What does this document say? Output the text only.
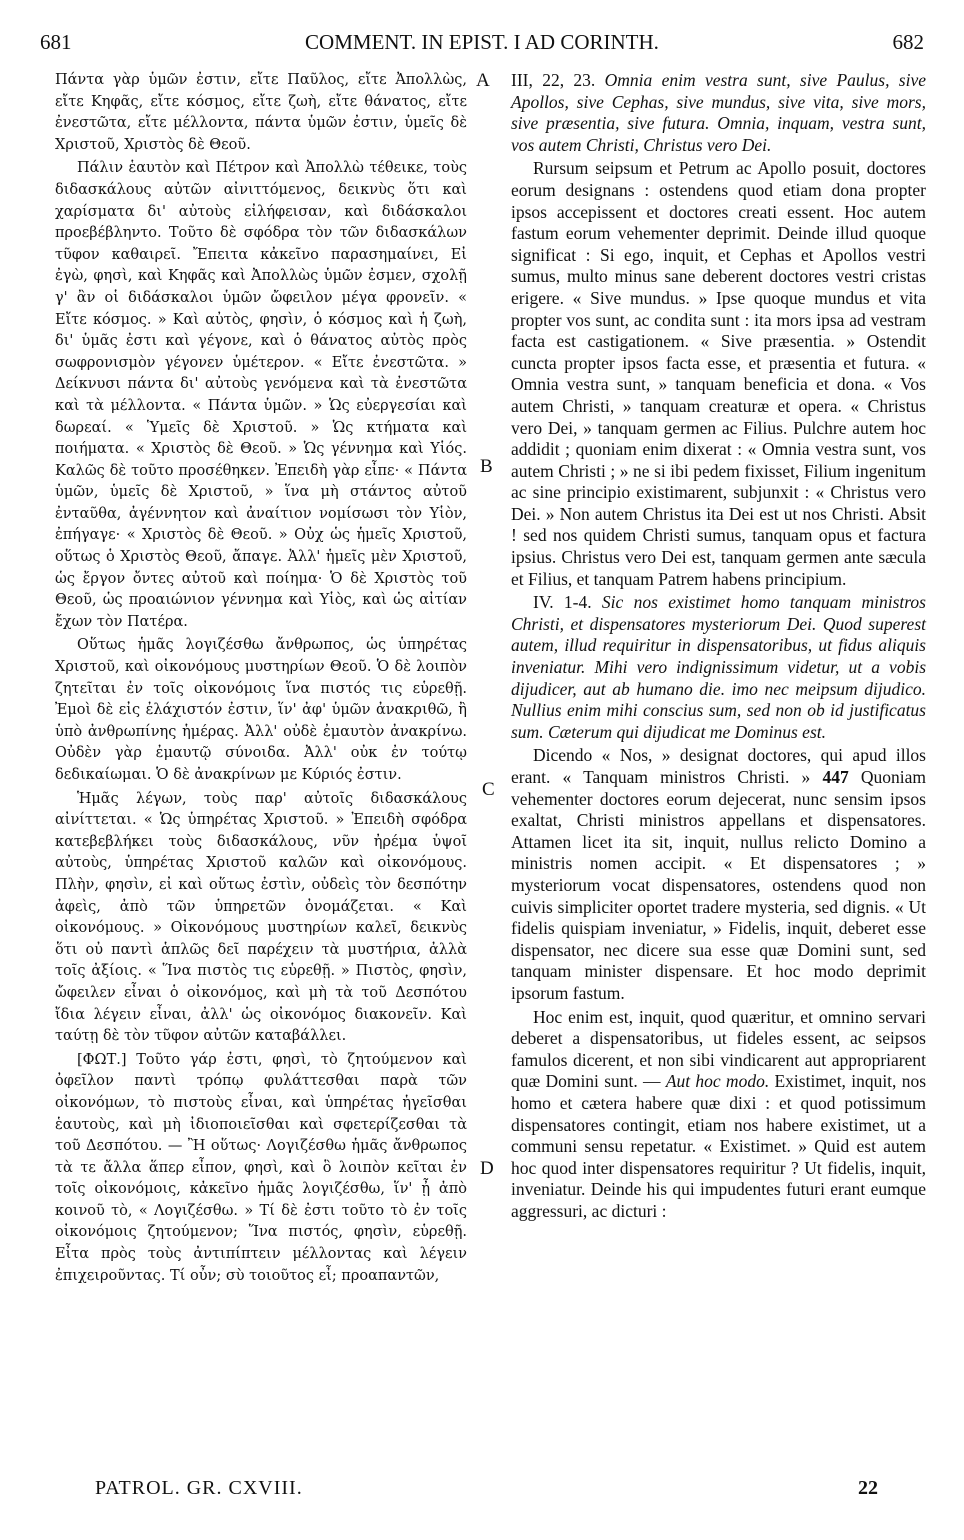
681	COMMENT. IN EPIST. I AD CORINTH.	682

Πάντα γὰρ ὑμῶν ἐστιν, εἴτε Παῦλος, εἴτε Ἀπολλὼς, εἴτε Κηφᾶς, εἴτε κόσμος, εἴτε ζωὴ, εἴτε θάνατος, εἴτε ἐνεστῶτα, εἴτε μέλλοντα, πάντα ὑμῶν ἐστιν, ὑμεῖς δὲ Χριστοῦ, Χριστὸς δὲ Θεοῦ.

Πάλιν ἑαυτὸν καὶ Πέτρον καὶ Ἀπολλὼ τέθεικε, τοὺς διδασκάλους αὐτῶν αἰνιττόμενος, δεικνὺς ὅτι καὶ χαρίσματα δι' αὐτοὺς εἰλήφεισαν, καὶ διδάσκαλοι προεβέβληντο. Τοῦτο δὲ σφόδρα τὸν τῶν διδασκάλων τῦφον καθαιρεῖ. Ἔπειτα κἀκεῖνο παρασημαίνει, Εἰ ἐγὼ, φησὶ, καὶ Κηφᾶς καὶ Ἀπολλὼς ὑμῶν ἐσμεν, σχολῇ γ' ἂν οἱ διδάσκαλοι ὑμῶν ὤφειλον μέγα φρονεῖν. « Εἴτε κόσμος. » Καὶ αὐτὸς, φησὶν, ὁ κόσμος καὶ ἡ ζωὴ, δι' ὑμᾶς ἐστι καὶ γέγονε, καὶ ὁ θάνατος αὐτὸς πρὸς σωφρονισμὸν γέγονεν ὑμέτερον. « Εἴτε ἐνεστῶτα. » Δείκνυσι πάντα δι' αὐτοὺς γενόμενα καὶ τὰ ἐνεστῶτα καὶ τὰ μέλλοντα. « Πάντα ὑμῶν. » Ὡς εὐεργεσίαι καὶ δωρεαί. « Ὑμεῖς δὲ Χριστοῦ. » Ὡς κτήματα καὶ ποιήματα. « Χριστὸς δὲ Θεοῦ. » Ὡς γέννημα καὶ Υἱός. Καλῶς δὲ τοῦτο προσέθηκεν. Ἐπειδὴ γὰρ εἶπε· « Πάντα ὑμῶν, ὑμεῖς δὲ Χριστοῦ, » ἵνα μὴ στάντος αὐτοῦ ἐνταῦθα, ἀγέννητον καὶ ἀναίτιον νομίσωσι τὸν Υἱὸν, ἐπήγαγε· « Χριστὸς δὲ Θεοῦ. » Οὐχ ὡς ἡμεῖς Χριστοῦ, οὕτως ὁ Χριστὸς Θεοῦ, ἄπαγε. Ἀλλ' ἡμεῖς μὲν Χριστοῦ, ὡς ἔργον ὄντες αὐτοῦ καὶ ποίημα· Ὁ δὲ Χριστὸς τοῦ Θεοῦ, ὡς προαιώνιον γέννημα καὶ Υἱὸς, καὶ ὡς αἰτίαν ἔχων τὸν Πατέρα.

Οὕτως ἡμᾶς λογιζέσθω ἄνθρωπος, ὡς ὑπηρέτας Χριστοῦ, καὶ οἰκονόμους μυστηρίων Θεοῦ. Ὁ δὲ λοιπὸν ζητεῖται ἐν τοῖς οἰκονόμοις ἵνα πιστός τις εὑρεθῇ. Ἐμοὶ δὲ εἰς ἐλάχιστόν ἐστιν, ἵν' ἀφ' ὑμῶν ἀνακριθῶ, ἢ ὑπὸ ἀνθρωπίνης ἡμέρας. Ἀλλ' οὐδὲ ἐμαυτὸν ἀνακρίνω. Οὐδὲν γὰρ ἐμαυτῷ σύνοιδα. Ἀλλ' οὐκ ἐν τούτῳ δεδικαίωμαι. Ὁ δὲ ἀνακρίνων με Κύριός ἐστιν.

Ἡμᾶς λέγων, τοὺς παρ' αὐτοῖς διδασκάλους αἰνίττεται. « Ὡς ὑπηρέτας Χριστοῦ. » Ἐπειδὴ σφόδρα κατεβεβλήκει τοὺς διδασκάλους, νῦν ἠρέμα ὑψοῖ αὐτοὺς, ὑπηρέτας Χριστοῦ καλῶν καὶ οἰκονόμους. Πλὴν, φησὶν, εἰ καὶ οὕτως ἐστὶν, οὐδεὶς τὸν δεσπότην ἀφεὶς, ἀπὸ τῶν ὑπηρετῶν ὀνομάζεται. « Καὶ οἰκονόμους. » Οἰκονόμους μυστηρίων καλεῖ, δεικνὺς ὅτι οὐ παντὶ ἁπλῶς δεῖ παρέχειν τὰ μυστήρια, ἀλλὰ τοῖς ἀξίοις. « Ἵνα πιστὸς τις εὑρεθῇ. » Πιστὸς, φησὶν, ὤφειλεν εἶναι ὁ οἰκονόμος, καὶ μὴ τὰ τοῦ Δεσπότου ἴδια λέγειν εἶναι, ἀλλ' ὡς οἰκονόμος διακονεῖν. Καὶ ταύτῃ δὲ τὸν τῦφον αὐτῶν καταβάλλει.

[ΦΩΤ.] Τοῦτο γάρ ἐστι, φησὶ, τὸ ζητούμενον καὶ ὀφεῖλον παντὶ τρόπῳ φυλάττεσθαι παρὰ τῶν οἰκονόμων, τὸ πιστοὺς εἶναι, καὶ ὑπηρέτας ἡγεῖσθαι ἑαυτοὺς, καὶ μὴ ἰδιοποιεῖσθαι καὶ σφετερίζεσθαι τὰ τοῦ Δεσπότου. — Ἢ οὕτως· Λογιζέσθω ἡμᾶς ἄνθρωπος τὰ τε ἄλλα ἅπερ εἶπον, φησὶ, καὶ ὃ λοιπὸν κεῖται ἐν τοῖς οἰκονόμοις, κἀκεῖνο ἡμᾶς λογιζέσθω, ἵν' ᾖ ἀπὸ κοινοῦ τὸ, « Λογιζέσθω. » Τί δὲ ἐστι τοῦτο τὸ ἐν τοῖς οἰκονόμοις ζητούμενον; Ἵνα πιστός, φησὶν, εὑρεθῇ. Εἶτα πρὸς τοὺς ἀντιπίπτειν μέλλοντας καὶ λέγειν ἐπιχειροῦντας. Τί οὖν; σὺ τοιοῦτος εἶ; προαπαντῶν,

A
B
C
D

III, 22, 23. Omnia enim vestra sunt, sive Paulus, sive Apollos, sive Cephas, sive mundus, sive vita, sive mors, sive præsentia, sive futura. Omnia, inquam, vestra sunt, vos autem Christi, Christus vero Dei.

Rursum seipsum et Petrum ac Apollo posuit, doctores eorum designans : ostendens quod etiam dona propter ipsos accepissent et doctores creati essent. Hoc autem fastum eorum vehementer deprimit. Deinde illud quoque significat : Si ego, inquit, et Cephas et Apollos vestri sumus, multo minus sane deberent doctores vestri cristas erigere. « Sive mundus. » Ipse quoque mundus et vita propter vos sunt, ac condita sunt : ita mors ipsa ad vestram facta est castigationem. « Sive præsentia. » Ostendit cuncta propter ipsos facta esse, et præsentia et futura. « Omnia vestra sunt, » tanquam beneficia et dona. « Vos autem Christi, » tanquam creaturæ et opera. « Christus vero Dei, » tanquam germen ac Filius. Pulchre autem hoc addidit ; quoniam enim dixerat : « Omnia vestra sunt, vos autem Christi ; » ne si ibi pedem fixisset, Filium ingenitum ac sine principio existimarent, subjunxit : « Christus vero Dei. » Non autem Christus ita Dei est ut nos Christi. Absit ! sed nos quidem Christi sumus, tanquam opus et factura ipsius. Christus vero Dei est, tanquam germen ante sæcula et Filius, et tanquam Patrem habens principium.

IV. 1-4. Sic nos existimet homo tanquam ministros Christi, et dispensatores mysteriorum Dei. Quod superest autem, illud requiritur in dispensatoribus, ut fidus aliquis inveniatur. Mihi vero indignissimum videtur, ut a vobis dijudicer, aut ab humano die. imo nec meipsum dijudico. Nullius enim mihi conscius sum, sed non ob id justificatus sum. Cæterum qui dijudicat me Dominus est.

Dicendo « Nos, » designat doctores, qui apud illos erant. « Tanquam ministros Christi. » 447 Quoniam vehementer doctores eorum dejecerat, nunc sensim ipsos exaltat, Christi ministros appellans et dispensatores. Attamen licet ita sit, inquit, nullus relicto Domino a ministris nomen accipit. « Et dispensatores ; » mysteriorum vocat dispensatores, ostendens quod non cuivis simpliciter oportet tradere mysteria, sed dignis. « Ut fidelis quispiam inveniatur, » Fidelis, inquit, deberet esse dispensator, nec dicere sua esse quæ Domini sunt, sed tanquam minister dispensare. Et hoc modo deprimit ipsorum fastum.

Hoc enim est, inquit, quod quæritur, et omnino servari deberet a dispensatoribus, ut fideles essent, ac seipsos famulos dicerent, et non sibi vindicarent aut appropriarent quæ Domini sunt. — Aut hoc modo. Existimet, inquit, nos homo et cætera habere quæ dixi : et quod potissimum dispensatores contingit, etiam nos habere existimet, ut a communi sensu repetatur. « Existimet. » Quid est autem hoc quod inter dispensatores requiritur ? Ut fidelis, inquit, inveniatur. Deinde his qui impudentes futuri erant eumque aggressuri, ac dicturi :

PATROL. GR. CXVIII.	22
